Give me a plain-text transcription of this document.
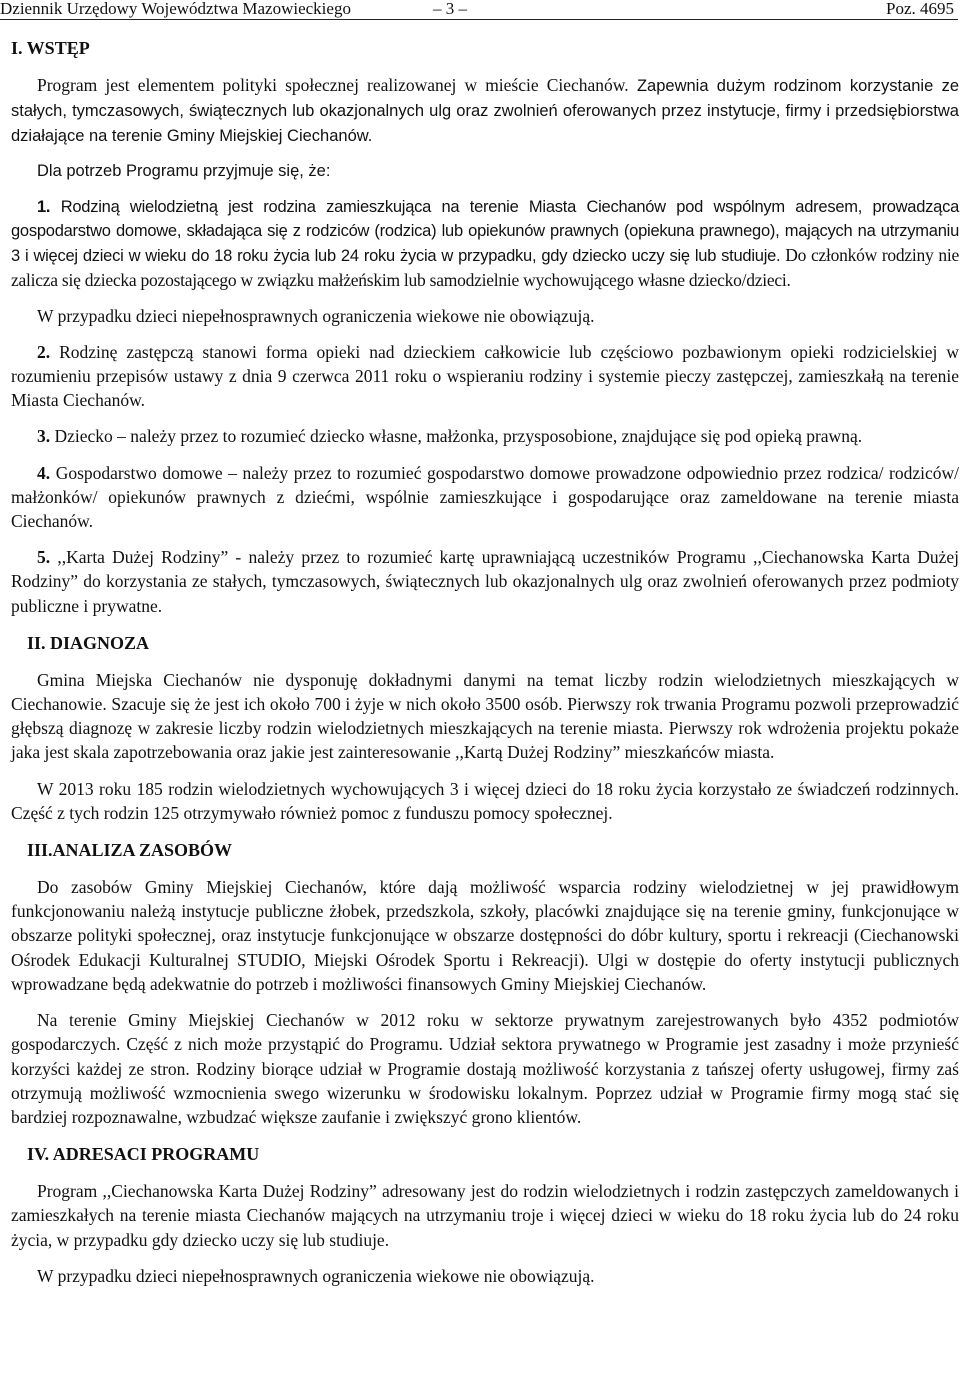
Dziennik Urzędowy Województwa Mazowieckiego	– 3 –	Poz. 4695
I. WSTĘP

Program jest elementem polityki społecznej realizowanej w mieście Ciechanów. Zapewnia dużym rodzinom korzystanie ze stałych, tymczasowych, świątecznych lub okazjonalnych ulg oraz zwolnień oferowanych przez instytucje, firmy i przedsiębiorstwa działające na terenie Gminy Miejskiej Ciechanów.

Dla potrzeb Programu przyjmuje się, że:

1. Rodziną wielodzietną jest rodzina zamieszkująca na terenie Miasta Ciechanów pod wspólnym adresem, prowadząca gospodarstwo domowe, składająca się z rodziców (rodzica) lub opiekunów prawnych (opiekuna prawnego), mających na utrzymaniu 3 i więcej dzieci w wieku do 18 roku życia lub 24 roku życia w przypadku, gdy dziecko uczy się lub studiuje. Do członków rodziny nie zalicza się dziecka pozostającego w związku małżeńskim lub samodzielnie wychowującego własne dziecko/dzieci.

W przypadku dzieci niepełnosprawnych ograniczenia wiekowe nie obowiązują.

2. Rodzinę zastępczą stanowi forma opieki nad dzieckiem całkowicie lub częściowo pozbawionym opieki rodzicielskiej w rozumieniu przepisów ustawy z dnia 9 czerwca 2011 roku o wspieraniu rodziny i systemie pieczy zastępczej, zamieszkałą na terenie Miasta Ciechanów.

3. Dziecko – należy przez to rozumieć dziecko własne, małżonka, przysposobione, znajdujące się pod opieką prawną.

4. Gospodarstwo domowe – należy przez to rozumieć gospodarstwo domowe prowadzone odpowiednio przez rodzica/ rodziców/ małżonków/ opiekunów prawnych z dziećmi, wspólnie zamieszkujące i gospodarujące oraz zameldowane na terenie miasta Ciechanów.

5. ,,Karta Dużej Rodziny” - należy przez to rozumieć kartę uprawniającą uczestników Programu ,,Ciechanowska Karta Dużej Rodziny” do korzystania ze stałych, tymczasowych, świątecznych lub okazjonalnych ulg oraz zwolnień oferowanych przez podmioty publiczne i prywatne.

II. DIAGNOZA

Gmina Miejska Ciechanów nie dysponuję dokładnymi danymi na temat liczby rodzin wielodzietnych mieszkających w Ciechanowie. Szacuje się że jest ich około 700 i żyje w nich około 3500 osób. Pierwszy rok trwania Programu pozwoli przeprowadzić głębszą diagnozę w zakresie liczby rodzin wielodzietnych mieszkających na terenie miasta. Pierwszy rok wdrożenia projektu pokaże jaka jest skala zapotrzebowania oraz jakie jest zainteresowanie ,,Kartą Dużej Rodziny” mieszkańców miasta.

W 2013 roku 185 rodzin wielodzietnych wychowujących 3 i więcej dzieci do 18 roku życia korzystało ze świadczeń rodzinnych. Część z tych rodzin 125 otrzymywało również pomoc z funduszu pomocy społecznej.

III.ANALIZA ZASOBÓW

Do zasobów Gminy Miejskiej Ciechanów, które dają możliwość wsparcia rodziny wielodzietnej w jej prawidłowym funkcjonowaniu należą instytucje publiczne żłobek, przedszkola, szkoły, placówki znajdujące się na terenie gminy, funkcjonujące w obszarze polityki społecznej, oraz instytucje funkcjonujące w obszarze dostępności do dóbr kultury, sportu i rekreacji (Ciechanowski Ośrodek Edukacji Kulturalnej STUDIO, Miejski Ośrodek Sportu i Rekreacji). Ulgi w dostępie do oferty instytucji publicznych wprowadzane będą adekwatnie do potrzeb i możliwości finansowych Gminy Miejskiej Ciechanów.

Na terenie Gminy Miejskiej Ciechanów w 2012 roku w sektorze prywatnym zarejestrowanych było 4352 podmiotów gospodarczych. Część z nich może przystąpić do Programu. Udział sektora prywatnego w Programie jest zasadny i może przynieść korzyści każdej ze stron. Rodziny biorące udział w Programie dostają możliwość korzystania z tańszej oferty usługowej, firmy zaś otrzymują możliwość wzmocnienia swego wizerunku w środowisku lokalnym. Poprzez udział w Programie firmy mogą stać się bardziej rozpoznawalne, wzbudzać większe zaufanie i zwiększyć grono klientów.

IV. ADRESACI PROGRAMU

Program ,,Ciechanowska Karta Dużej Rodziny” adresowany jest do rodzin wielodzietnych i rodzin zastępczych zameldowanych i zamieszkałych na terenie miasta Ciechanów mających na utrzymaniu troje i więcej dzieci w wieku do 18 roku życia lub do 24 roku życia, w przypadku gdy dziecko uczy się lub studiuje.

W przypadku dzieci niepełnosprawnych ograniczenia wiekowe nie obowiązują.
